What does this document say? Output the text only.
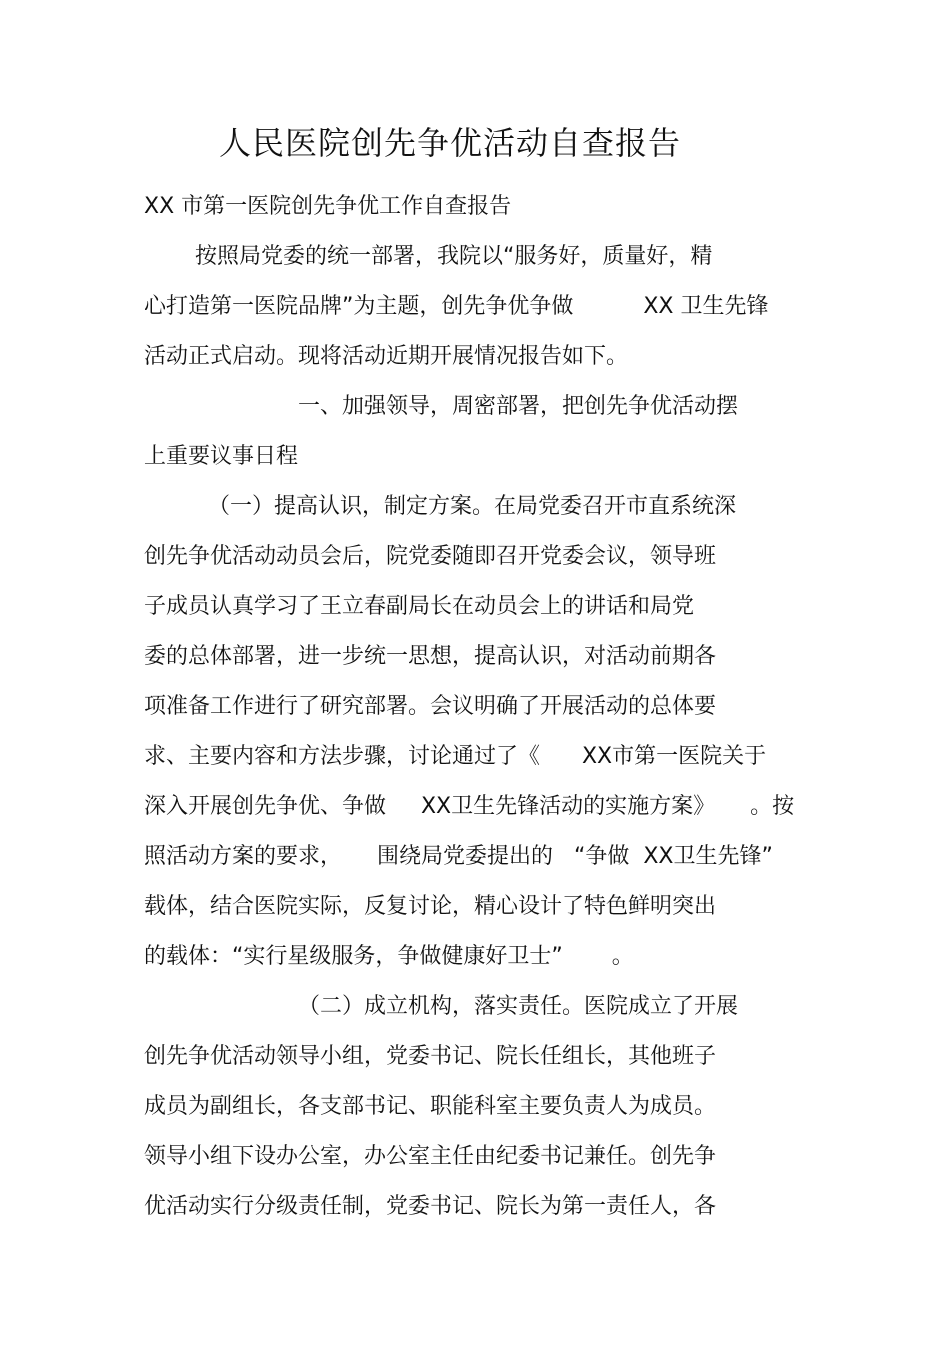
人民医院创先争优活动自查报告
XX 市第一医院创先争优工作自查报告
按照局党委的统一部署，我院以“服务好，质量好，精
心打造第一医院品牌”为主题，创先争优争做          XX 卫生先锋
活动正式启动。现将活动近期开展情况报告如下。
一、加强领导，周密部署，把创先争优活动摆
上重要议事日程
（一）提高认识，制定方案。在局党委召开市直系统深
创先争优活动动员会后，院党委随即召开党委会议，领导班
子成员认真学习了王立春副局长在动员会上的讲话和局党
委的总体部署，进一步统一思想，提高认识，对活动前期各
项准备工作进行了研究部署。会议明确了开展活动的总体要
求、主要内容和方法步骤，讨论通过了《      XX市第一医院关于
深入开展创先争优、争做     XX卫生先锋活动的实施方案》     。按
照活动方案的要求，     围绕局党委提出的   “争做  XX卫生先锋”
载体，结合医院实际，反复讨论，精心设计了特色鲜明突出
的载体：“实行星级服务，争做健康好卫士”       。
（二）成立机构，落实责任。医院成立了开展
创先争优活动领导小组，党委书记、院长任组长，其他班子
成员为副组长，各支部书记、职能科室主要负责人为成员。
领导小组下设办公室，办公室主任由纪委书记兼任。创先争
优活动实行分级责任制，党委书记、院长为第一责任人，各
